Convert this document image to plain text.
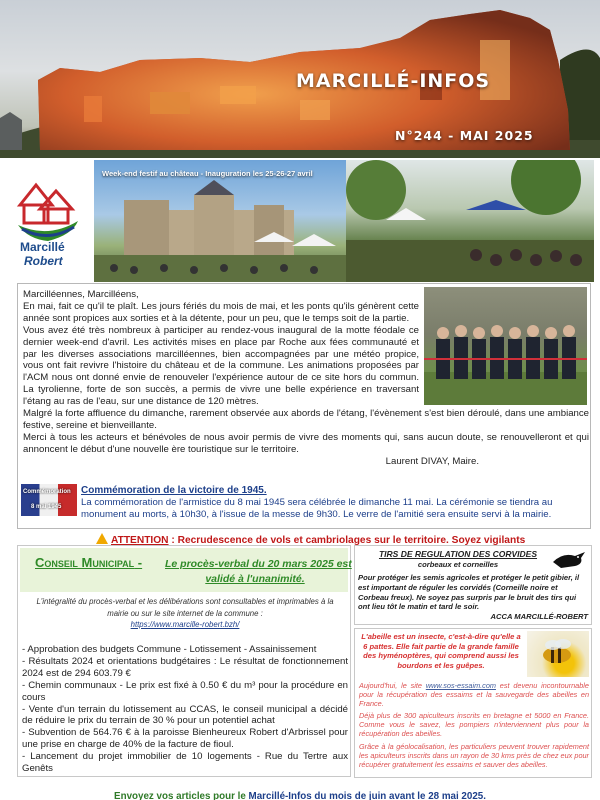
MARCILLÉ-INFOS
N°244 - MAI 2025
Marcillé
Robert
Week-end festif au château - Inauguration les 25-26-27 avril
Marcilléennes, Marcilléens,
En mai, fait ce qu'il te plaît. Les jours fériés du mois de mai, et les ponts qu'ils génèrent cette année sont propices aux sorties et à la détente, pour un peu, que le temps soit de la partie.
Vous avez été très nombreux à participer au rendez-vous inaugural de la motte féodale ce dernier week-end d'avril. Les activités mises en place par Roche aux fées communauté et par les diverses associations marcilléennes, bien accompagnées par une météo propice, vous ont fait revivre l'histoire du château et de la commune. Les animations proposées par l'ACM nous ont donné envie de renouveler l'expérience autour de ce site hors du commun. La tyrolienne, forte de son succès, a permis de vivre une belle expérience en traversant l'étang au ras de l'eau, sur une distance de 120 mètres.
Malgré la forte affluence du dimanche, rarement observée aux abords de l'étang, l'évènement s'est bien déroulé, dans une ambiance festive, sereine et bienveillante.
Merci à tous les acteurs et bénévoles de nous avoir permis de vivre des moments qui, sans aucun doute, se renouvelleront et qui annoncent le début d'une nouvelle ère touristique sur le territoire.
Laurent DIVAY, Maire.
Commémoration
8 mai 1945
Commémoration de la victoire de 1945.
La commémoration de l'armistice du 8 mai 1945 sera célébrée le dimanche 11 mai. La cérémonie se tiendra au monument au morts, à 10h30, à l'issue de la messe de 9h30. Le verre de l'amitié sera ensuite servi à la mairie.
ATTENTION : Recrudescence de vols et cambriolages sur le territoire. Soyez vigilants
Conseil Municipal - Le procès-verbal du 20 mars 2025 est
validé à l'unanimité.
L'intégralité du procès-verbal et les délibérations sont consultables et imprimables à la mairie ou sur le site internet de la commune :
https://www.marcille-robert.bzh/
- Approbation des budgets Commune - Lotissement - Assainissement
- Résultats 2024 et orientations budgétaires : Le résultat de fonctionnement 2024 est de 294 603.79 €
- Chemin communaux - Le prix est fixé à 0.50 € du m³ pour la procédure en cours
- Vente d'un terrain du lotissement au CCAS, le conseil municipal a décidé de réduire le prix du terrain de 30 % pour un potentiel achat
- Subvention de 564.76 € à la paroisse Bienheureux Robert d'Arbrissel pour une prise en charge de 40% de la facture de fioul.
- Lancement du projet immobilier de 10 logements - Rue du Tertre aux Genêts
TIRS DE REGULATION DES CORVIDES
corbeaux et corneilles
Pour protéger les semis agricoles et protéger le petit gibier, il est important de réguler les corvidés (Corneille noire et Corbeau freux). Ne soyez pas surpris par le bruit des tirs qui ont lieu tôt le matin et tard le soir.
ACCA MARCILLÉ-ROBERT
L'abeille est un insecte, c'est-à-dire qu'elle a 6 pattes. Elle fait partie de la grande famille des hyménoptères, qui comprend aussi les bourdons et les guêpes.

Aujourd'hui, le site www.sos-essaim.com est devenu incontournable pour la récupération des essaims et la sauvegarde des abeilles en France.

Déjà plus de 300 apiculteurs inscrits en bretagne et 5000 en France. Comme vous le savez, les pompiers n'interviennent plus pour la récupération des abeilles.

Grâce à la géolocalisation, les particuliers peuvent trouver rapidement les apiculteurs inscrits dans un rayon de 30 kms près de chez eux pour récupérer gratuitement les essaims et sauver des abeilles.

Envoyez vos articles pour le Marcillé-Infos du mois de juin avant le 28 mai 2025.
